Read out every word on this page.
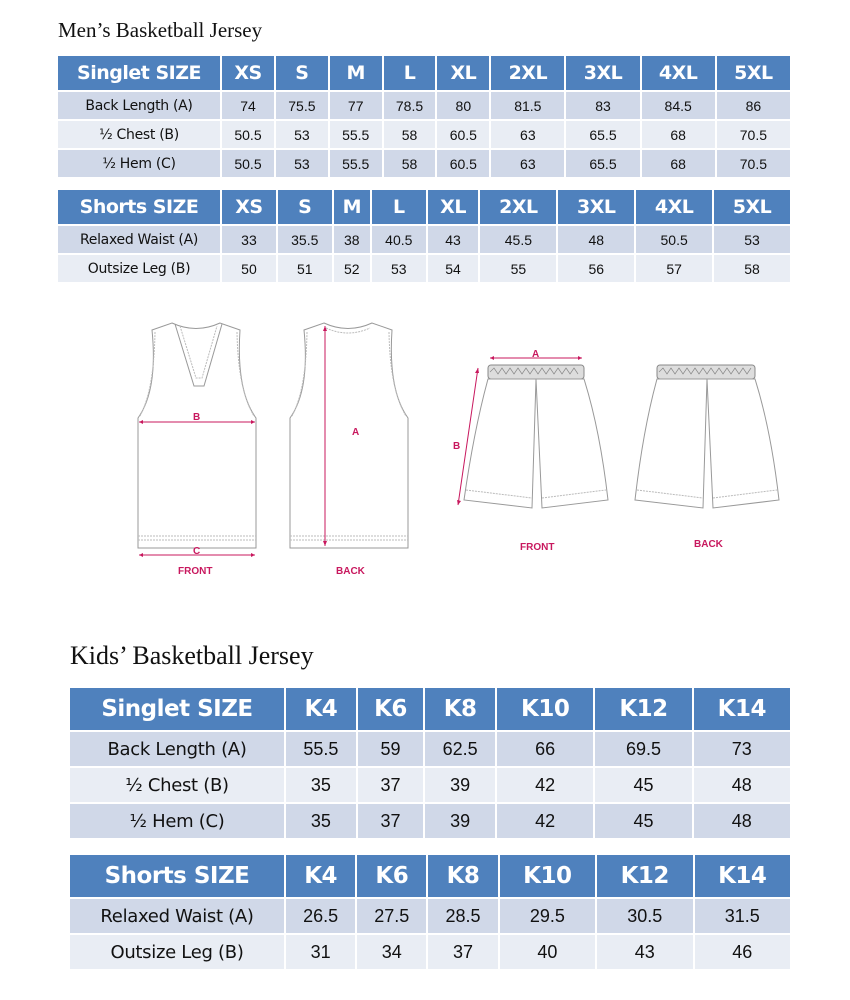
Men’s Basketball Jersey
Singlet SIZE	XS	S	M	L	XL	2XL	3XL	4XL	5XL
Back Length (A)	74	75.5	77	78.5	80	81.5	83	84.5	86
½ Chest (B)	50.5	53	55.5	58	60.5	63	65.5	68	70.5
½ Hem (C)	50.5	53	55.5	58	60.5	63	65.5	68	70.5
Shorts SIZE	XS	S	M	L	XL	2XL	3XL	4XL	5XL
Relaxed Waist (A)	33	35.5	38	40.5	43	45.5	48	50.5	53
Outsize Leg (B)	50	51	52	53	54	55	56	57	58
B
C
FRONT
A
BACK
A
B
FRONT	BACK
Kids’ Basketball Jersey
Singlet SIZE	K4	K6	K8	K10	K12	K14
Back Length (A)	55.5	59	62.5	66	69.5	73
½ Chest (B)	35	37	39	42	45	48
½ Hem (C)	35	37	39	42	45	48
Shorts SIZE	K4	K6	K8	K10	K12	K14
Relaxed Waist (A)	26.5	27.5	28.5	29.5	30.5	31.5
Outsize Leg (B)	31	34	37	40	43	46
